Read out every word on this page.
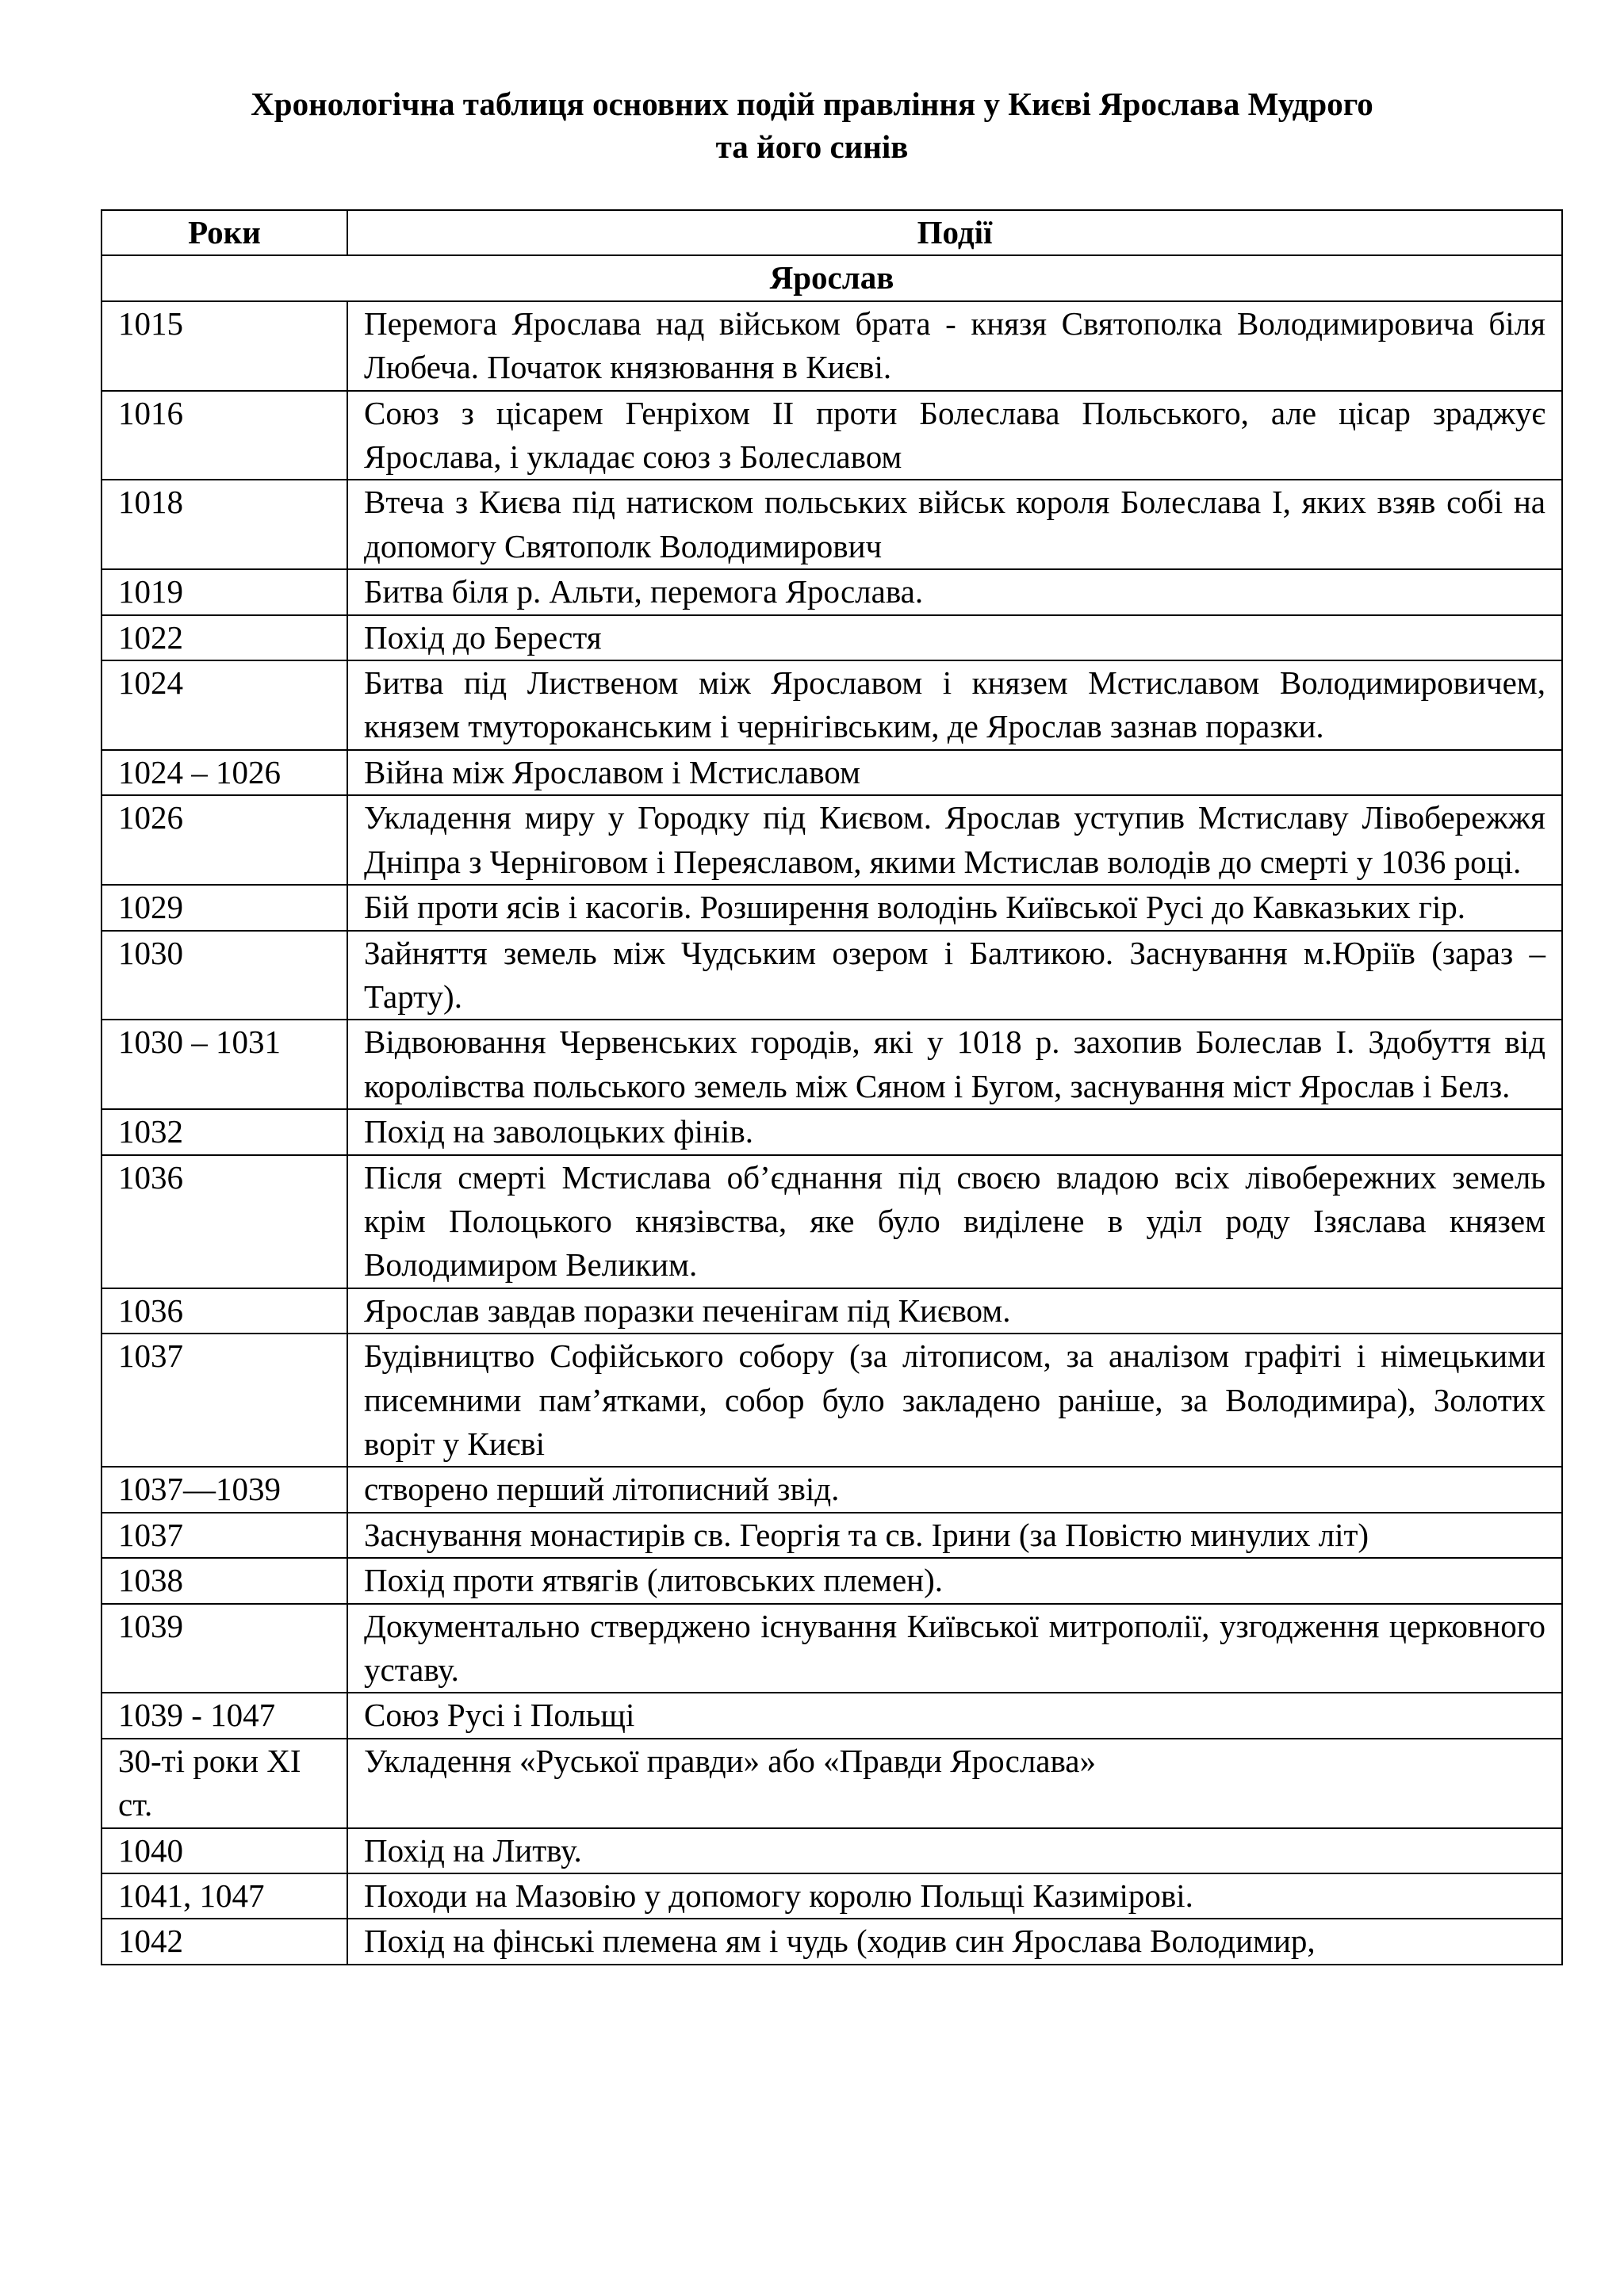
Хронологічна таблиця основних подій правління у Києві Ярослава Мудрого
та його синів
Роки	Події
Ярослав	
1015	Перемога Ярослава над військом брата - князя Святополка Володимировича біля Любеча. Початок князювання в Києві.
1016	Союз з цісарем Генріхом ІІ проти Болеслава Польського, але цісар зраджує Ярослава, і укладає союз з Болеславом
1018	Втеча з Києва під натиском польських військ короля Болеслава І, яких взяв собі на допомогу Святополк Володимирович
1019	Битва біля р. Альти, перемога Ярослава.
1022	Похід до Берестя
1024	Битва під Лиственом між Ярославом і князем Мстиславом Володимировичем, князем тмутороканським і чернігівським, де Ярослав зазнав поразки.
1024 – 1026	Війна між Ярославом і Мстиславом
1026	Укладення миру у Городку під Києвом. Ярослав уступив Мстиславу Лівобережжя Дніпра з Черніговом і Переяславом, якими Мстислав володів до смерті у 1036 році.
1029	Бій проти ясів і касогів. Розширення володінь Київської Русі до Кавказьких гір.
1030	Зайняття земель між Чудським озером і Балтикою. Заснування м.Юріїв (зараз – Тарту).
1030 – 1031	Відвоювання Червенських городів, які у 1018 р. захопив Болеслав І. Здобуття від королівства польського земель між Сяном і Бугом, заснування міст Ярослав і Белз.
1032	Похід на заволоцьких фінів.
1036	Після смерті Мстислава об’єднання під своєю владою всіх лівобережних земель крім Полоцького князівства, яке було виділене в уділ роду Ізяслава князем Володимиром Великим.
1036	Ярослав завдав поразки печенігам під Києвом.
1037	Будівництво Софійського собору (за літописом, за аналізом графіті і німецькими писемними пам’ятками, собор було закладено раніше, за Володимира), Золотих воріт у Києві
1037—1039	створено перший літописний звід.
1037	Заснування монастирів св. Георгія та св. Ірини (за Повістю минулих літ)
1038	Похід проти ятвягів (литовських племен).
1039	Документально стверджено існування Київської митрополії, узгодження церковного уставу.
1039 - 1047	Союз Русі і Польщі
30-ті роки XI ст.	Укладення «Руської правди» або «Правди Ярослава»
1040	Похід на Литву.
1041, 1047	Походи на Мазовію у допомогу королю Польщі Казимірові.
1042	Похід на фінські племена ям і чудь (ходив син Ярослава Володимир,
